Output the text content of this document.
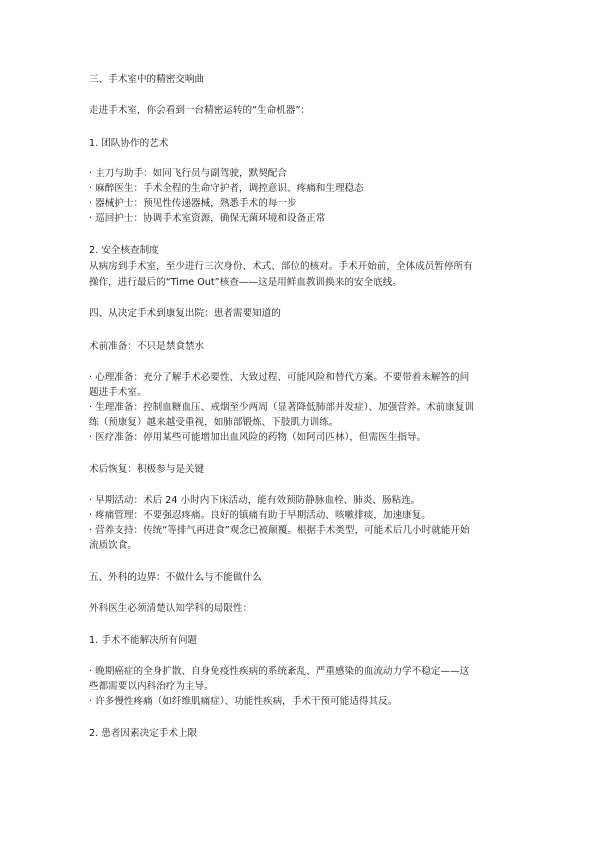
三、手术室中的精密交响曲

走进手术室，你会看到一台精密运转的“生命机器”：

1. 团队协作的艺术

· 主刀与助手：如同飞行员与副驾驶，默契配合

· 麻醉医生：手术全程的生命守护者，调控意识、疼痛和生理稳态

· 器械护士：预见性传递器械，熟悉手术的每一步

· 巡回护士：协调手术室资源，确保无菌环境和设备正常

2. 安全核查制度

从病房到手术室，至少进行三次身份、术式、部位的核对。手术开始前，全体成员暂停所有

操作，进行最后的“Time Out”核查——这是用鲜血教训换来的安全底线。

四、从决定手术到康复出院：患者需要知道的

术前准备：不只是禁食禁水

· 心理准备：充分了解手术必要性、大致过程、可能风险和替代方案。不要带着未解答的问

题进手术室。

· 生理准备：控制血糖血压、戒烟至少两周（显著降低肺部并发症）、加强营养。术前康复训

练（预康复）越来越受重视，如肺部锻炼、下肢肌力训练。

· 医疗准备：停用某些可能增加出血风险的药物（如阿司匹林），但需医生指导。

术后恢复：积极参与是关键

· 早期活动：术后 24 小时内下床活动，能有效预防静脉血栓、肺炎、肠粘连。

· 疼痛管理：不要强忍疼痛。良好的镇痛有助于早期活动、咳嗽排痰，加速康复。

· 营养支持：传统“等排气再进食”观念已被颠覆。根据手术类型，可能术后几小时就能开始

流质饮食。

五、外科的边界：不做什么与不能做什么

外科医生必须清楚认知学科的局限性：

1. 手术不能解决所有问题

· 晚期癌症的全身扩散、自身免疫性疾病的系统紊乱、严重感染的血流动力学不稳定——这

些都需要以内科治疗为主导。

· 许多慢性疼痛（如纤维肌痛症）、功能性疾病，手术干预可能适得其反。

2. 患者因素决定手术上限
